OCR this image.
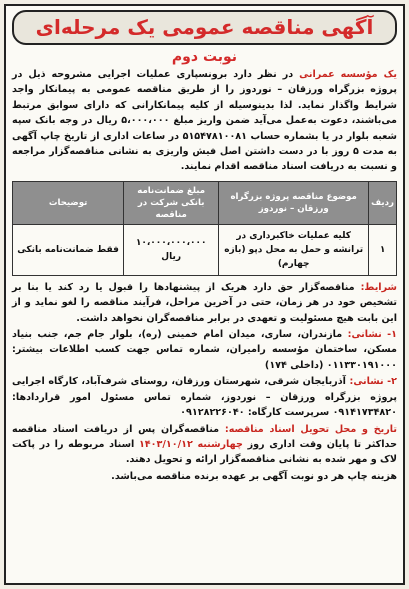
آگهی مناقصه عمومی یک مرحله‌ای
نوبت دوم

یک مؤسسه عمرانی در نظر دارد برونسپاری عملیات اجرایی مشروحه ذیل در پروژه بزرگراه ورزقان – نوردوز را از طریق مناقصه عمومی به پیمانکار واجد شرایط واگذار نماید. لذا بدینوسیله از کلیه پیمانکارانی که دارای سوابق مرتبط می‌باشند، دعوت به‌عمل می‌آید ضمن واریز مبلغ ۵،۰۰۰،۰۰۰ ریال در وجه بانک سپه شعبه بلوار در یا بشماره حساب ۵۱۵۴۷۸۱۰۰۸۱ در ساعات اداری از تاریخ چاپ آگهی به مدت ۵ روز با در دست داشتن اصل فیش واریزی به نشانی مناقصه‌گزار مراجعه و نسبت به دریافت اسناد مناقصه اقدام نمایند.

ردیف	موضوع مناقصه پروژه بزرگراه ورزقان – نوردوز	مبلغ ضمانت‌نامه بانکی شرکت در مناقصه	توضیحات
۱	کلیه عملیات خاکبرداری در ترانشه و حمل به محل دپو (بازه چهارم)	۱۰،۰۰۰،۰۰۰،۰۰۰ ریال	فقط ضمانت‌نامه بانکی

شرایط: مناقصه‌گزار حق دارد هریک از پیشنهادها را قبول یا رد کند یا بنا بر تشخیص خود در هر زمان، حتی در آخرین مراحل، فرآیند مناقصه را لغو نماید و از این بابت هیچ مسئولیت و تعهدی در برابر مناقصه‌گران نخواهد داشت.

۱- نشانی: مازندران، ساری، میدان امام خمینی (ره)، بلوار جام جم، جنب بنیاد مسکن، ساختمان مؤسسه رامیران، شماره تماس جهت کسب اطلاعات بیشتر: ۰۱۱۳۳۰۱۹۱۰۰۰ (داخلی ۱۷۴)

۲- نشانی: آذربایجان شرقی، شهرستان ورزقان، روستای شرف‌آباد، کارگاه اجرایی پروژه بزرگراه ورزقان – نوردوز، شماره تماس مسئول امور قراردادها: ۰۹۱۴۱۷۳۴۸۲۰ سرپرست کارگاه: ۰۹۱۲۸۲۲۶۰۴۰

تاریخ و محل تحویل اسناد مناقصه: مناقصه‌گران پس از دریافت اسناد مناقصه حداکثر تا پایان وقت اداری روز چهارشنبه ۱۴۰۳/۱۰/۱۲ اسناد مربوطه را در پاکت لاک و مهر شده به نشانی مناقصه‌گزار ارائه و تحویل دهند.

هزینه چاپ هر دو نوبت آگهی بر عهده برنده مناقصه می‌باشد.
